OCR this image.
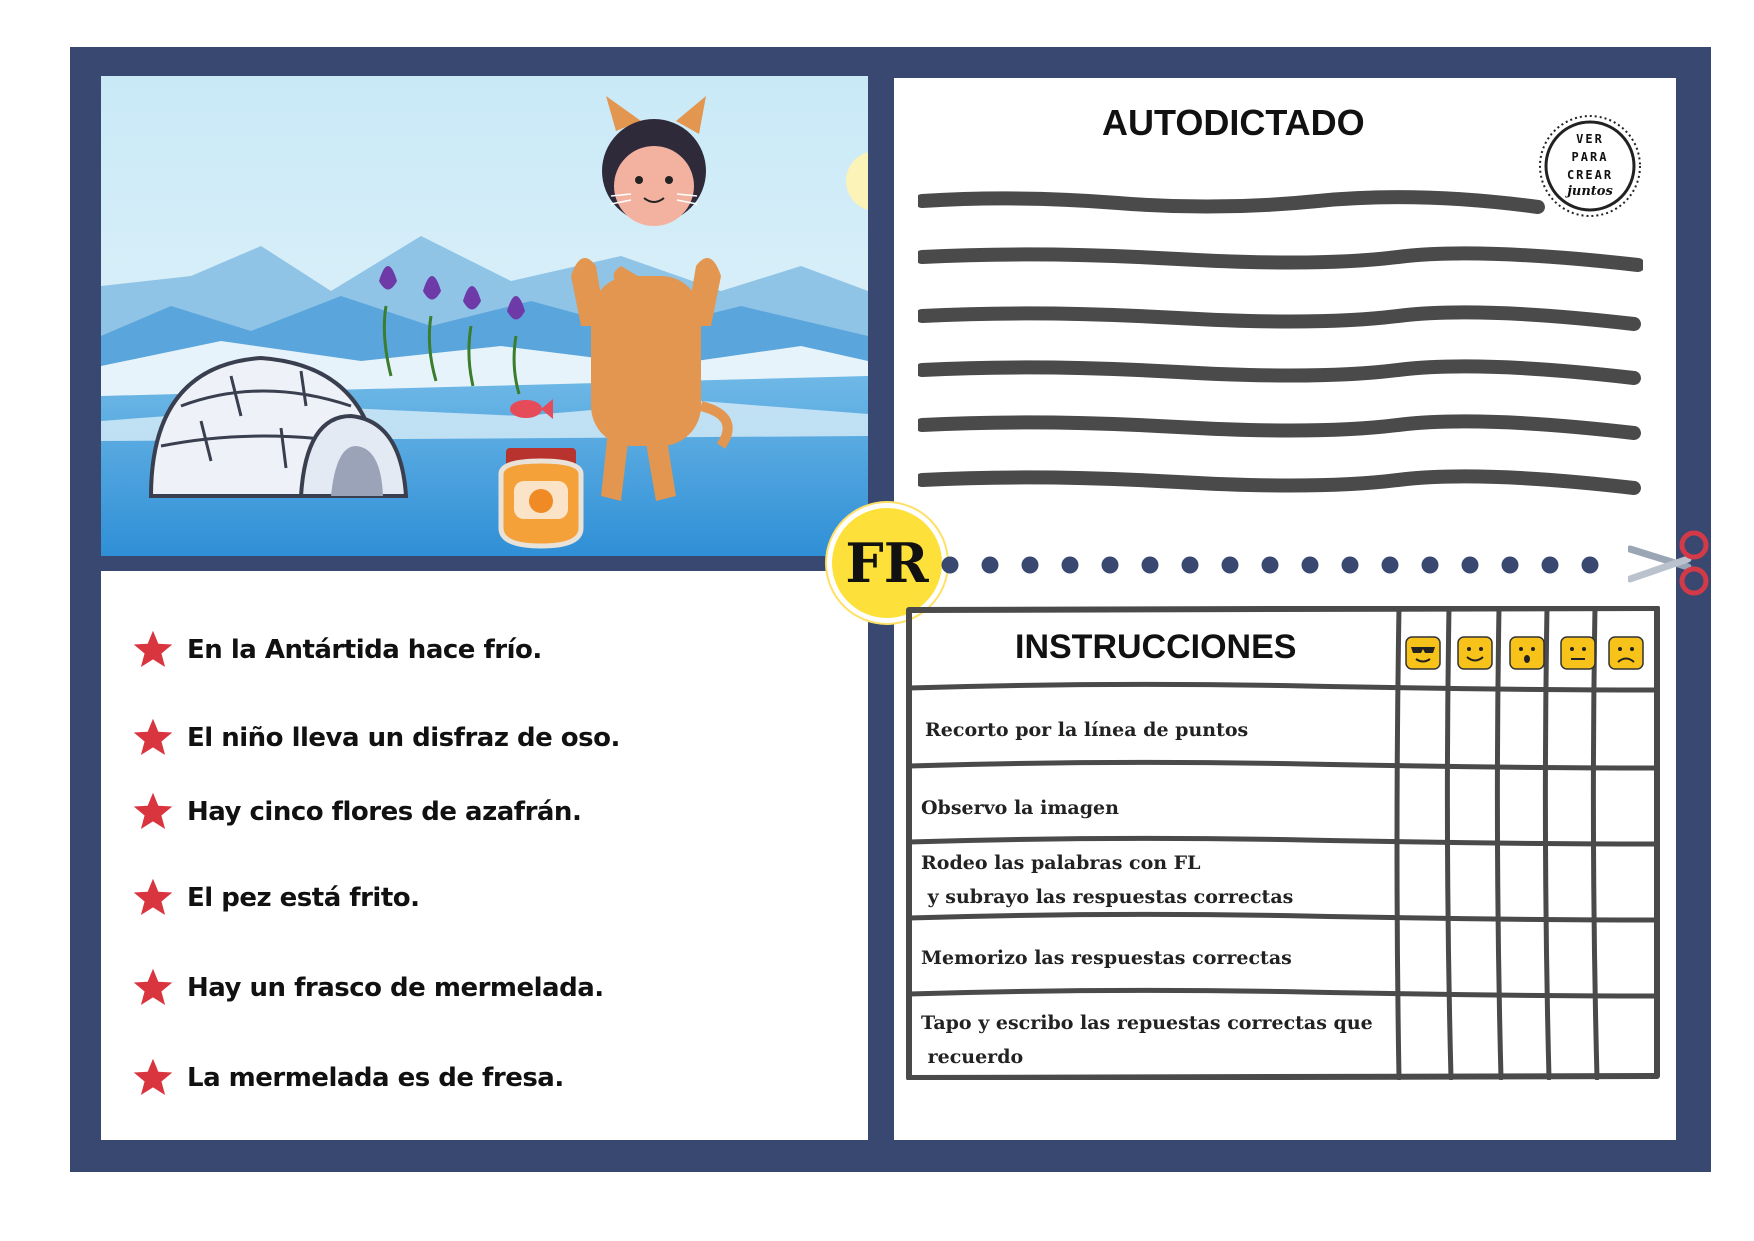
En la Antártida hace frío.
El niño lleva un disfraz de oso.
Hay cinco flores de azafrán.
El pez está frito.
Hay un frasco de mermelada.
La mermelada es de fresa.
AUTODICTADO	VER
PARA
CREAR
juntos
FR
INSTRUCCIONES
Recorto por la línea de puntos
Observo la imagen
Rodeo las palabras con FL
y subrayo las respuestas correctas
Memorizo las respuestas correctas
Tapo y escribo las repuestas correctas que
recuerdo
